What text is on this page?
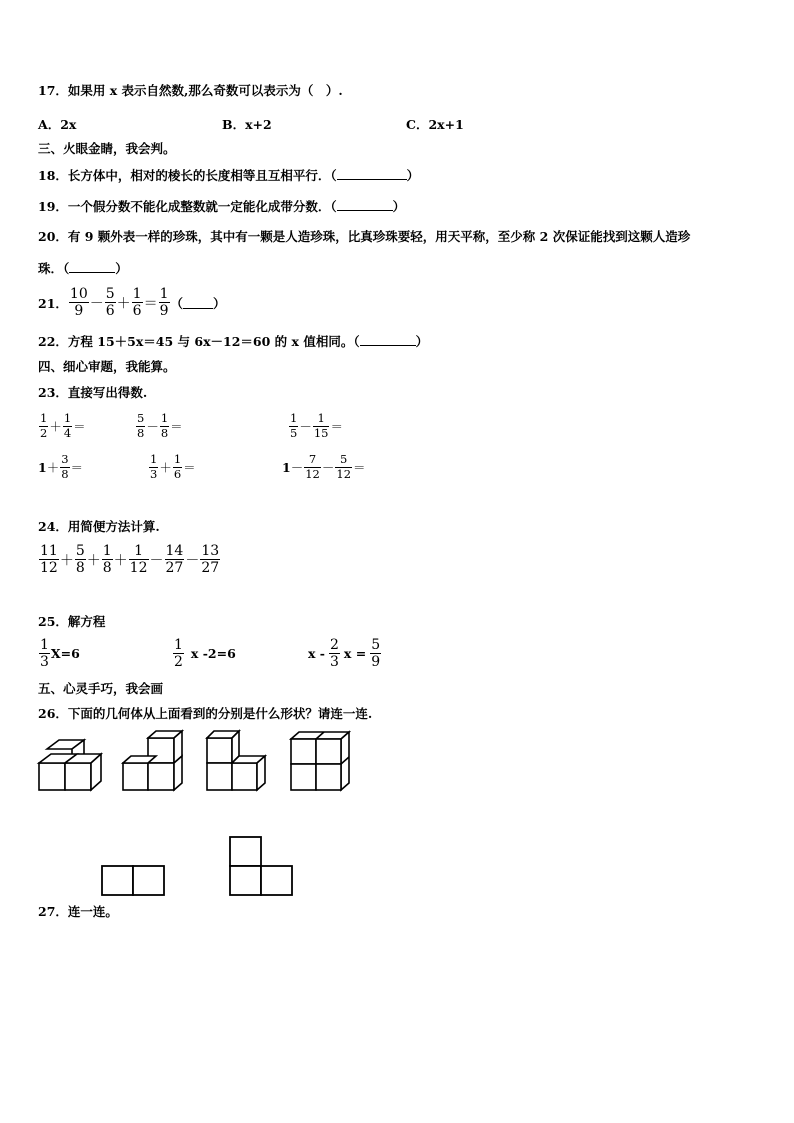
17．如果用 x 表示自然数,那么奇数可以表示为（　）.
A．2x	B．x+2	C．2x+1
三、火眼金睛，我会判。
18．长方体中，相对的棱长的长度相等且互相平行．（	）
19．一个假分数不能化成整数就一定能化成带分数．（	）
20．有 9 颗外表一样的珍珠，其中有一颗是人造珍珠，比真珍珠要轻，用天平称，至少称 2 次保证能找到这颗人造珍
珠．（	）
21． $\frac{10}{9} - \frac{5}{6} + \frac{1}{6} = \frac{1}{9}$ （ ）
22．方程 15＋5x＝45 与 6x－12＝60 的 x 值相同。（	）
四、细心审题，我能算。
23．直接写出得数.
$\frac{1}{2} + \frac{1}{4}$ ＝	$\frac{5}{8} - \frac{1}{8}$ ＝	$\frac{1}{5} - \frac{1}{15}$ ＝
$1 + \frac{3}{8}$ ＝	$\frac{1}{3} + \frac{1}{6}$ ＝	$1 - \frac{7}{12} - \frac{5}{12}$ ＝
24．用简便方法计算.
$\frac{11}{12} + \frac{5}{8} + \frac{1}{8} + \frac{1}{12} - \frac{14}{27} - \frac{13}{27}$
25．解方程
$\frac{1}{3} X=6$	$\frac{1}{2}$ x -2=6	x - $\frac{2}{3}$ $x = \frac{5}{9}$
五、心灵手巧，我会画
26．下面的几何体从上面看到的分别是什么形状？请连一连.
27．连一连。
